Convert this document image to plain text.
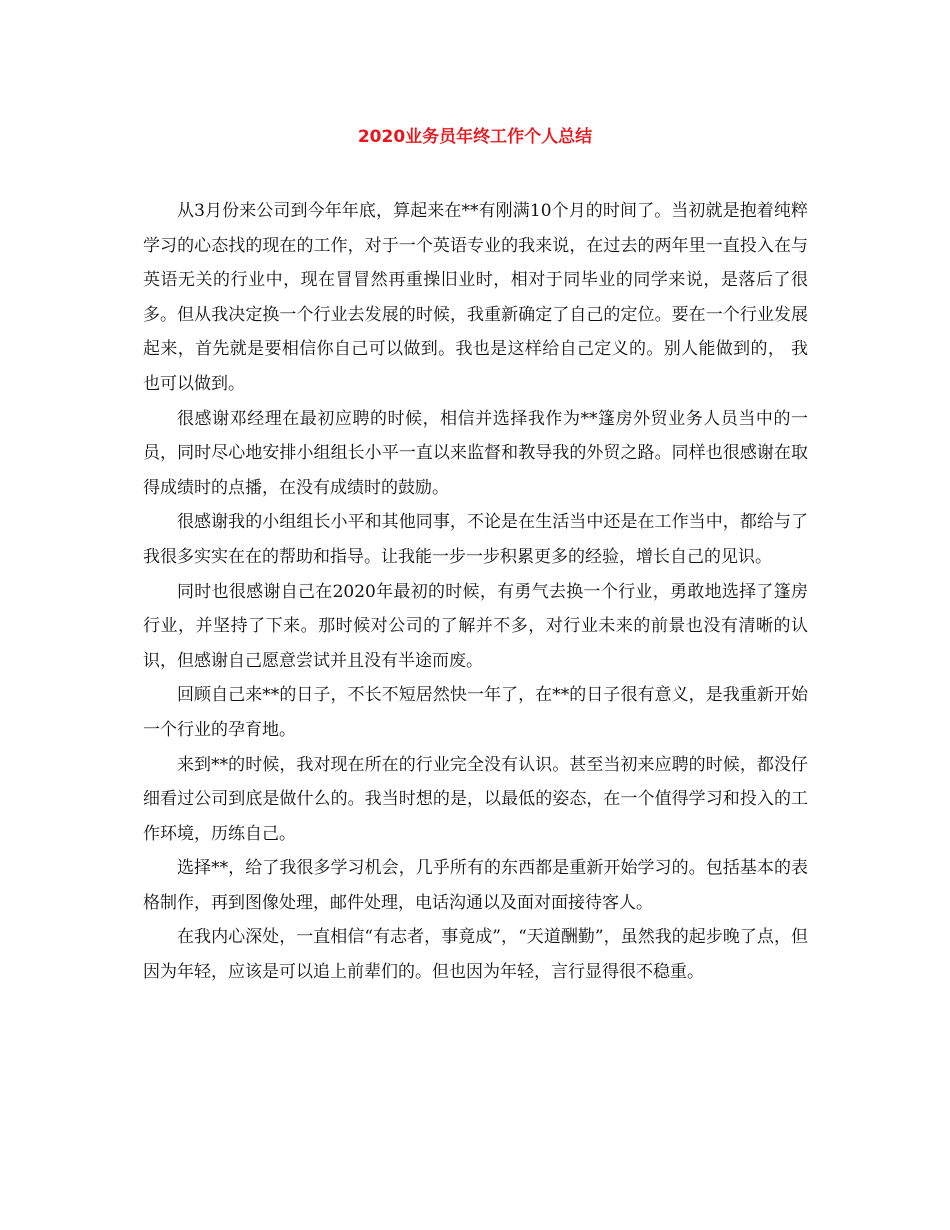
2020业务员年终工作个人总结

从3月份来公司到今年年底，算起来在**有刚满10个月的时间了。当初就是抱着纯粹学习的心态找的现在的工作，对于一个英语专业的我来说，在过去的两年里一直投入在与英语无关的行业中，现在冒冒然再重操旧业时，相对于同毕业的同学来说，是落后了很多。但从我决定换一个行业去发展的时候，我重新确定了自己的定位。要在一个行业发展起来，首先就是要相信你自己可以做到。我也是这样给自己定义的。别人能做到的， 我也可以做到。

很感谢邓经理在最初应聘的时候，相信并选择我作为**篷房外贸业务人员当中的一员，同时尽心地安排小组组长小平一直以来监督和教导我的外贸之路。同样也很感谢在取得成绩时的点播，在没有成绩时的鼓励。

很感谢我的小组组长小平和其他同事，不论是在生活当中还是在工作当中，都给与了我很多实实在在的帮助和指导。让我能一步一步积累更多的经验，增长自己的见识。

同时也很感谢自己在2020年最初的时候，有勇气去换一个行业，勇敢地选择了篷房行业，并坚持了下来。那时候对公司的了解并不多，对行业未来的前景也没有清晰的认识，但感谢自己愿意尝试并且没有半途而废。

回顾自己来**的日子，不长不短居然快一年了，在**的日子很有意义，是我重新开始一个行业的孕育地。

来到**的时候，我对现在所在的行业完全没有认识。甚至当初来应聘的时候，都没仔细看过公司到底是做什么的。我当时想的是，以最低的姿态，在一个值得学习和投入的工作环境，历练自己。

选择**，给了我很多学习机会，几乎所有的东西都是重新开始学习的。包括基本的表格制作，再到图像处理，邮件处理，电话沟通以及面对面接待客人。

在我内心深处，一直相信“有志者，事竟成”，“天道酬勤”，虽然我的起步晚了点，但因为年轻，应该是可以追上前辈们的。但也因为年轻，言行显得很不稳重。
